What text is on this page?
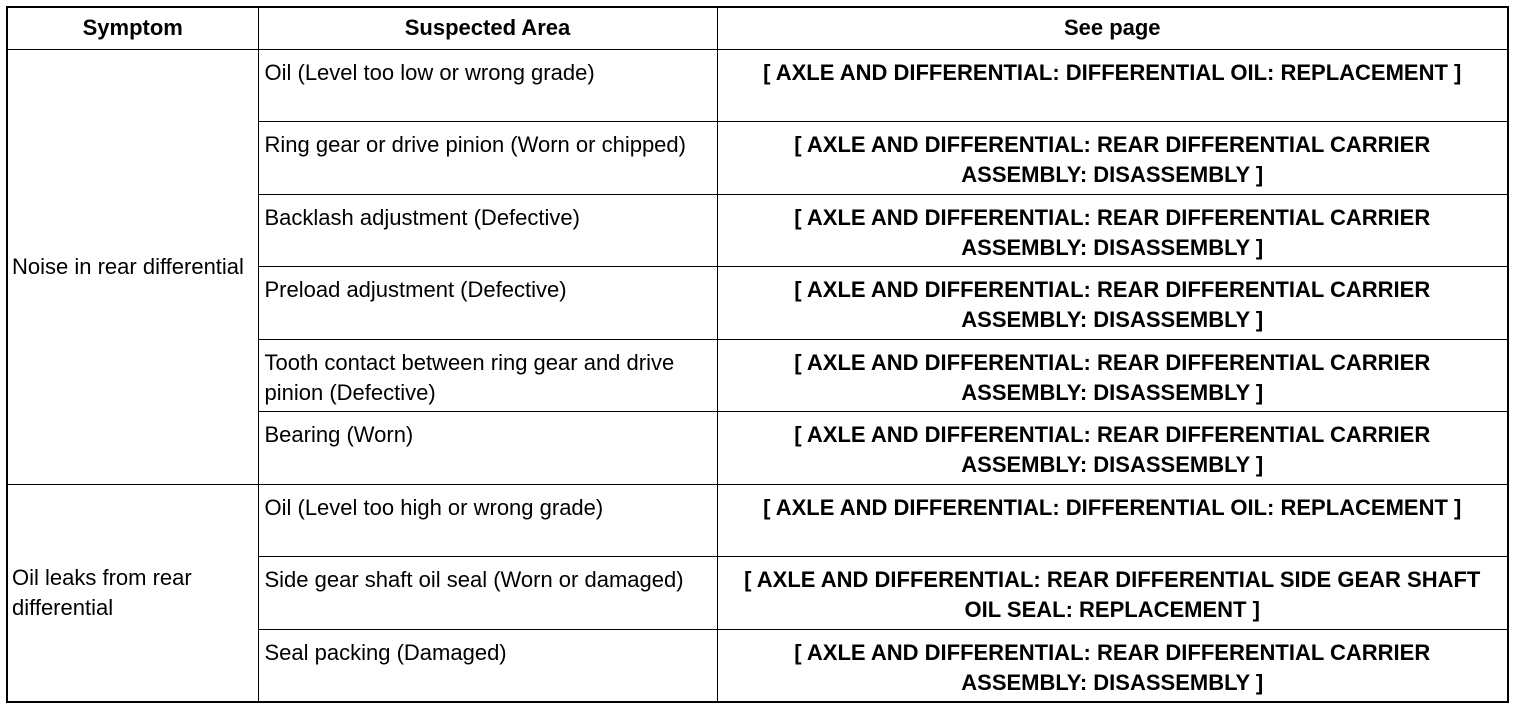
Symptom	Suspected Area	See page
Noise in rear differential	Oil (Level too low or wrong grade)	[ AXLE AND DIFFERENTIAL: DIFFERENTIAL OIL: REPLACEMENT ]
	Ring gear or drive pinion (Worn or chipped)	[ AXLE AND DIFFERENTIAL: REAR DIFFERENTIAL CARRIER ASSEMBLY: DISASSEMBLY ]
	Backlash adjustment (Defective)	[ AXLE AND DIFFERENTIAL: REAR DIFFERENTIAL CARRIER ASSEMBLY: DISASSEMBLY ]
	Preload adjustment (Defective)	[ AXLE AND DIFFERENTIAL: REAR DIFFERENTIAL CARRIER ASSEMBLY: DISASSEMBLY ]
	Tooth contact between ring gear and drive pinion (Defective)	[ AXLE AND DIFFERENTIAL: REAR DIFFERENTIAL CARRIER ASSEMBLY: DISASSEMBLY ]
	Bearing (Worn)	[ AXLE AND DIFFERENTIAL: REAR DIFFERENTIAL CARRIER ASSEMBLY: DISASSEMBLY ]
Oil leaks from rear differential	Oil (Level too high or wrong grade)	[ AXLE AND DIFFERENTIAL: DIFFERENTIAL OIL: REPLACEMENT ]
	Side gear shaft oil seal (Worn or damaged)	[ AXLE AND DIFFERENTIAL: REAR DIFFERENTIAL SIDE GEAR SHAFT OIL SEAL: REPLACEMENT ]
	Seal packing (Damaged)	[ AXLE AND DIFFERENTIAL: REAR DIFFERENTIAL CARRIER ASSEMBLY: DISASSEMBLY ]
